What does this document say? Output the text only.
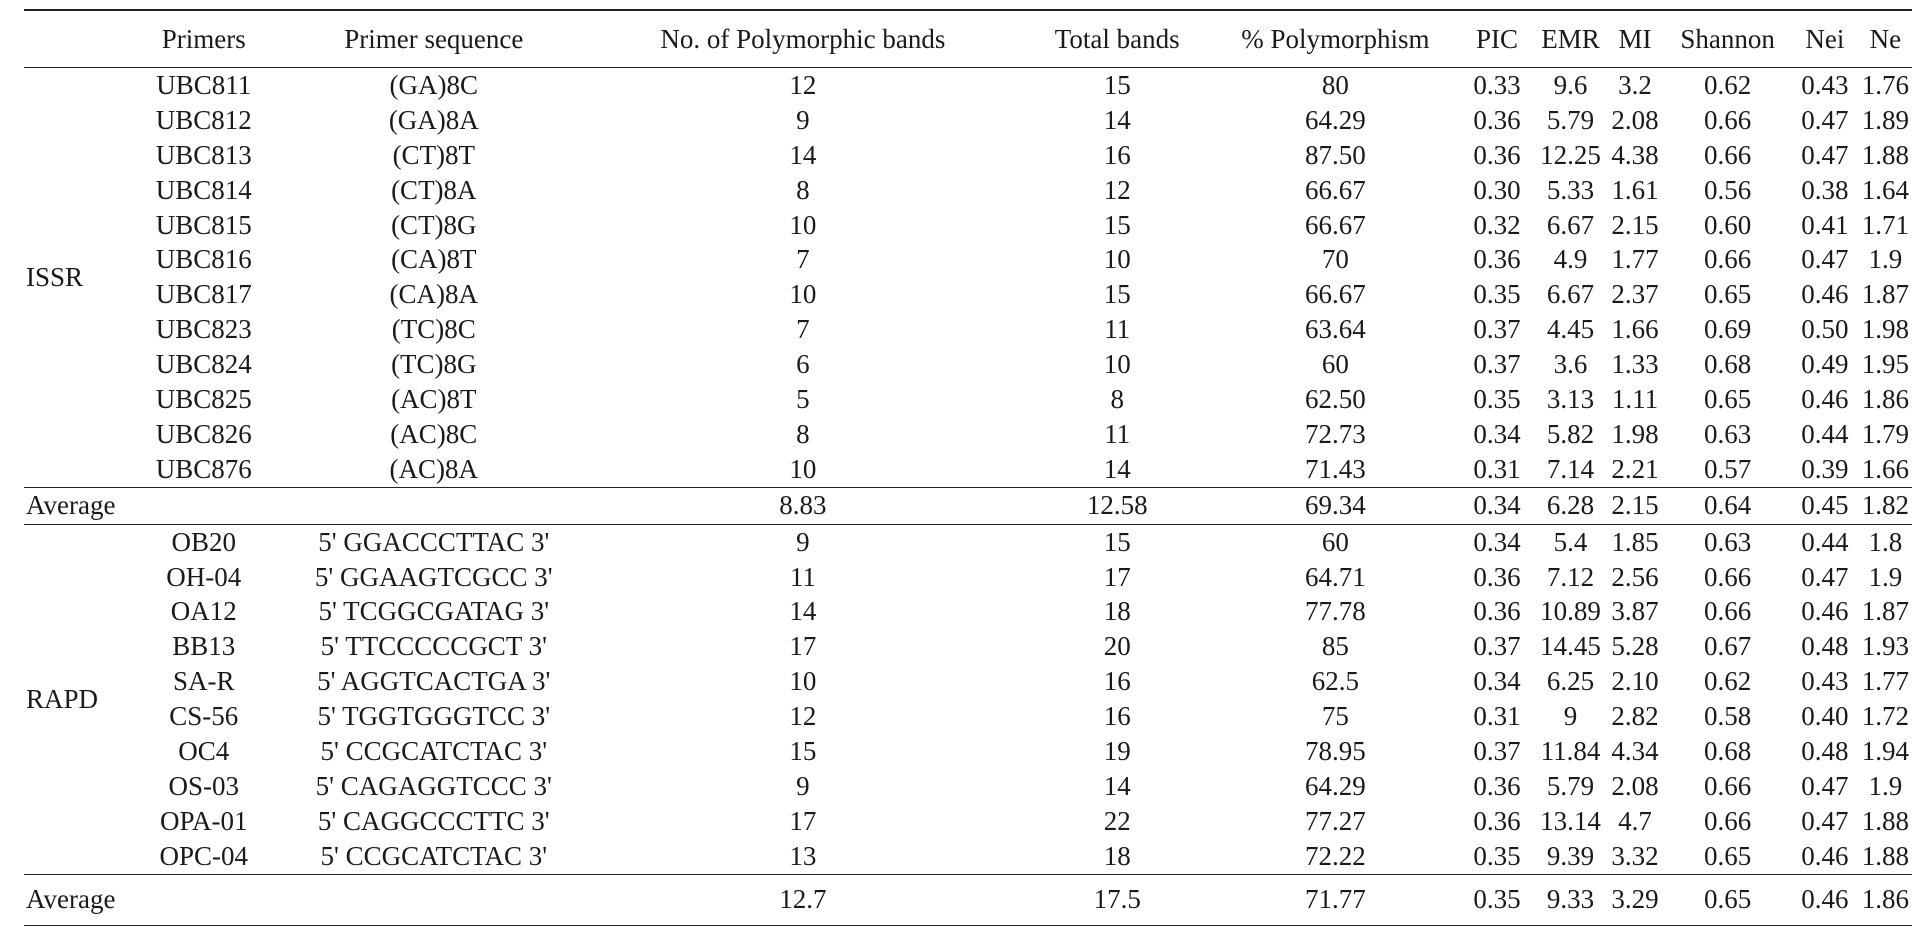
	Primers	Primer sequence	No. of Polymorphic bands	Total bands	% Polymorphism	PIC	EMR	MI	Shannon	Nei	Ne
ISSR	UBC811	(GA)8C	12	15	80	0.33	9.6	3.2	0.62	0.43	1.76
	UBC812	(GA)8A	9	14	64.29	0.36	5.79	2.08	0.66	0.47	1.89
	UBC813	(CT)8T	14	16	87.50	0.36	12.25	4.38	0.66	0.47	1.88
	UBC814	(CT)8A	8	12	66.67	0.30	5.33	1.61	0.56	0.38	1.64
	UBC815	(CT)8G	10	15	66.67	0.32	6.67	2.15	0.60	0.41	1.71
	UBC816	(CA)8T	7	10	70	0.36	4.9	1.77	0.66	0.47	1.9
	UBC817	(CA)8A	10	15	66.67	0.35	6.67	2.37	0.65	0.46	1.87
	UBC823	(TC)8C	7	11	63.64	0.37	4.45	1.66	0.69	0.50	1.98
	UBC824	(TC)8G	6	10	60	0.37	3.6	1.33	0.68	0.49	1.95
	UBC825	(AC)8T	5	8	62.50	0.35	3.13	1.11	0.65	0.46	1.86
	UBC826	(AC)8C	8	11	72.73	0.34	5.82	1.98	0.63	0.44	1.79
	UBC876	(AC)8A	10	14	71.43	0.31	7.14	2.21	0.57	0.39	1.66
Average			8.83	12.58	69.34	0.34	6.28	2.15	0.64	0.45	1.82
RAPD	OB20	5' GGACCCTTAC 3'	9	15	60	0.34	5.4	1.85	0.63	0.44	1.8
	OH-04	5' GGAAGTCGCC 3'	11	17	64.71	0.36	7.12	2.56	0.66	0.47	1.9
	OA12	5' TCGGCGATAG 3'	14	18	77.78	0.36	10.89	3.87	0.66	0.46	1.87
	BB13	5' TTCCCCCGCT 3'	17	20	85	0.37	14.45	5.28	0.67	0.48	1.93
	SA-R	5' AGGTCACTGA 3'	10	16	62.5	0.34	6.25	2.10	0.62	0.43	1.77
	CS-56	5' TGGTGGGTCC 3'	12	16	75	0.31	9	2.82	0.58	0.40	1.72
	OC4	5' CCGCATCTAC 3'	15	19	78.95	0.37	11.84	4.34	0.68	0.48	1.94
	OS-03	5' CAGAGGTCCC 3'	9	14	64.29	0.36	5.79	2.08	0.66	0.47	1.9
	OPA-01	5' CAGGCCCTTC 3'	17	22	77.27	0.36	13.14	4.7	0.66	0.47	1.88
	OPC-04	5' CCGCATCTAC 3'	13	18	72.22	0.35	9.39	3.32	0.65	0.46	1.88
Average			12.7	17.5	71.77	0.35	9.33	3.29	0.65	0.46	1.86
